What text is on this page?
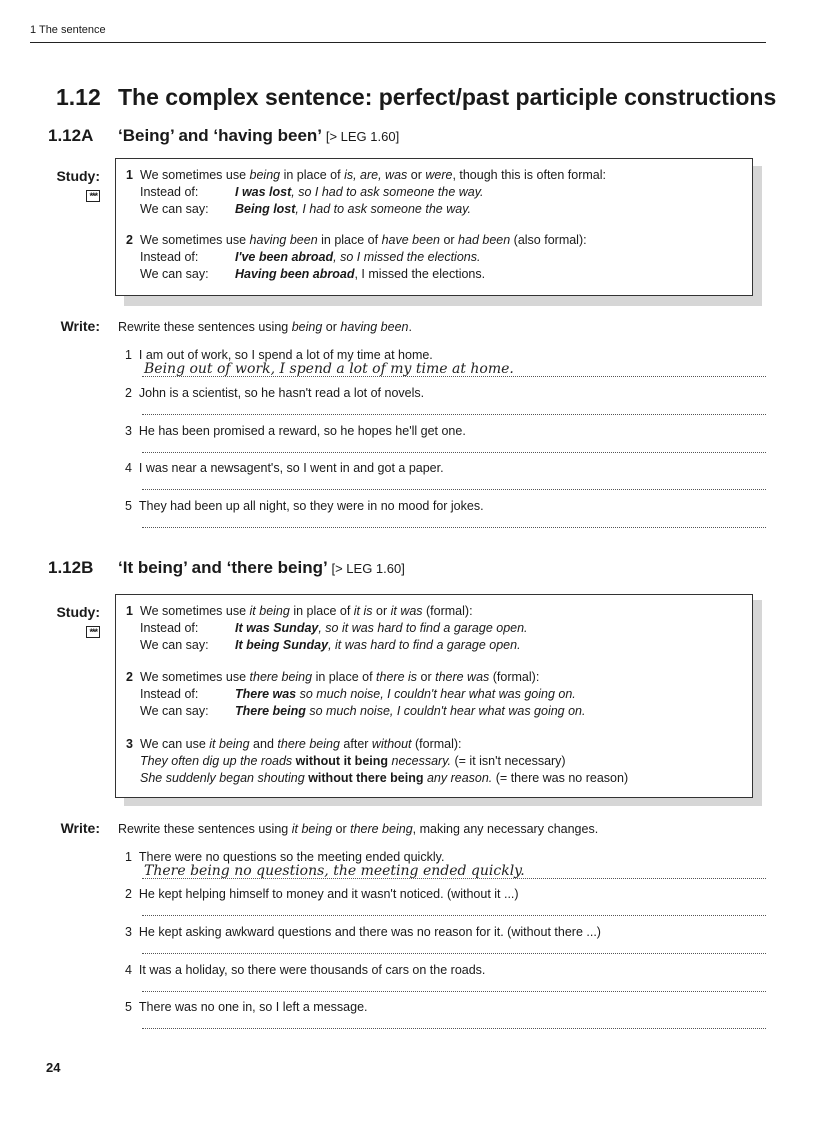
1 The sentence
1.12 The complex sentence: perfect/past participle constructions
1.12A ‘Being’ and ‘having been’ [> LEG 1.60]
Study:
***
1 We sometimes use being in place of is, are, was or were, though this is often formal:
Instead of:	I was lost, so I had to ask someone the way.
We can say: Being lost, I had to ask someone the way.
2 We sometimes use having been in place of have been or had been (also formal):
Instead of:	I've been abroad, so I missed the elections.
We can say: Having been abroad, I missed the elections.
Write: Rewrite these sentences using being or having been.
1 I am out of work, so I spend a lot of my time at home.
Being out of work, I spend a lot of my time at home.
2 John is a scientist, so he hasn't read a lot of novels.
3 He has been promised a reward, so he hopes he'll get one.
4 I was near a newsagent's, so I went in and got a paper.
5 They had been up all night, so they were in no mood for jokes.
1.12B ‘It being’ and ‘there being’ [> LEG 1.60]
Study:
***
1 We sometimes use it being in place of it is or it was (formal):
Instead of:	It was Sunday, so it was hard to find a garage open.
We can say: It being Sunday, it was hard to find a garage open.
2 We sometimes use there being in place of there is or there was (formal):
Instead of:	There was so much noise, I couldn't hear what was going on.
We can say: There being so much noise, I couldn't hear what was going on.
3 We can use it being and there being after without (formal):
They often dig up the roads without it being necessary. (= it isn't necessary)
She suddenly began shouting without there being any reason. (= there was no reason)
Write: Rewrite these sentences using it being or there being, making any necessary changes.
1 There were no questions so the meeting ended quickly.
There being no questions, the meeting ended quickly.
2 He kept helping himself to money and it wasn't noticed. (without it ...)
3 He kept asking awkward questions and there was no reason for it. (without there ...)
4 It was a holiday, so there were thousands of cars on the roads.
5 There was no one in, so I left a message.
24
